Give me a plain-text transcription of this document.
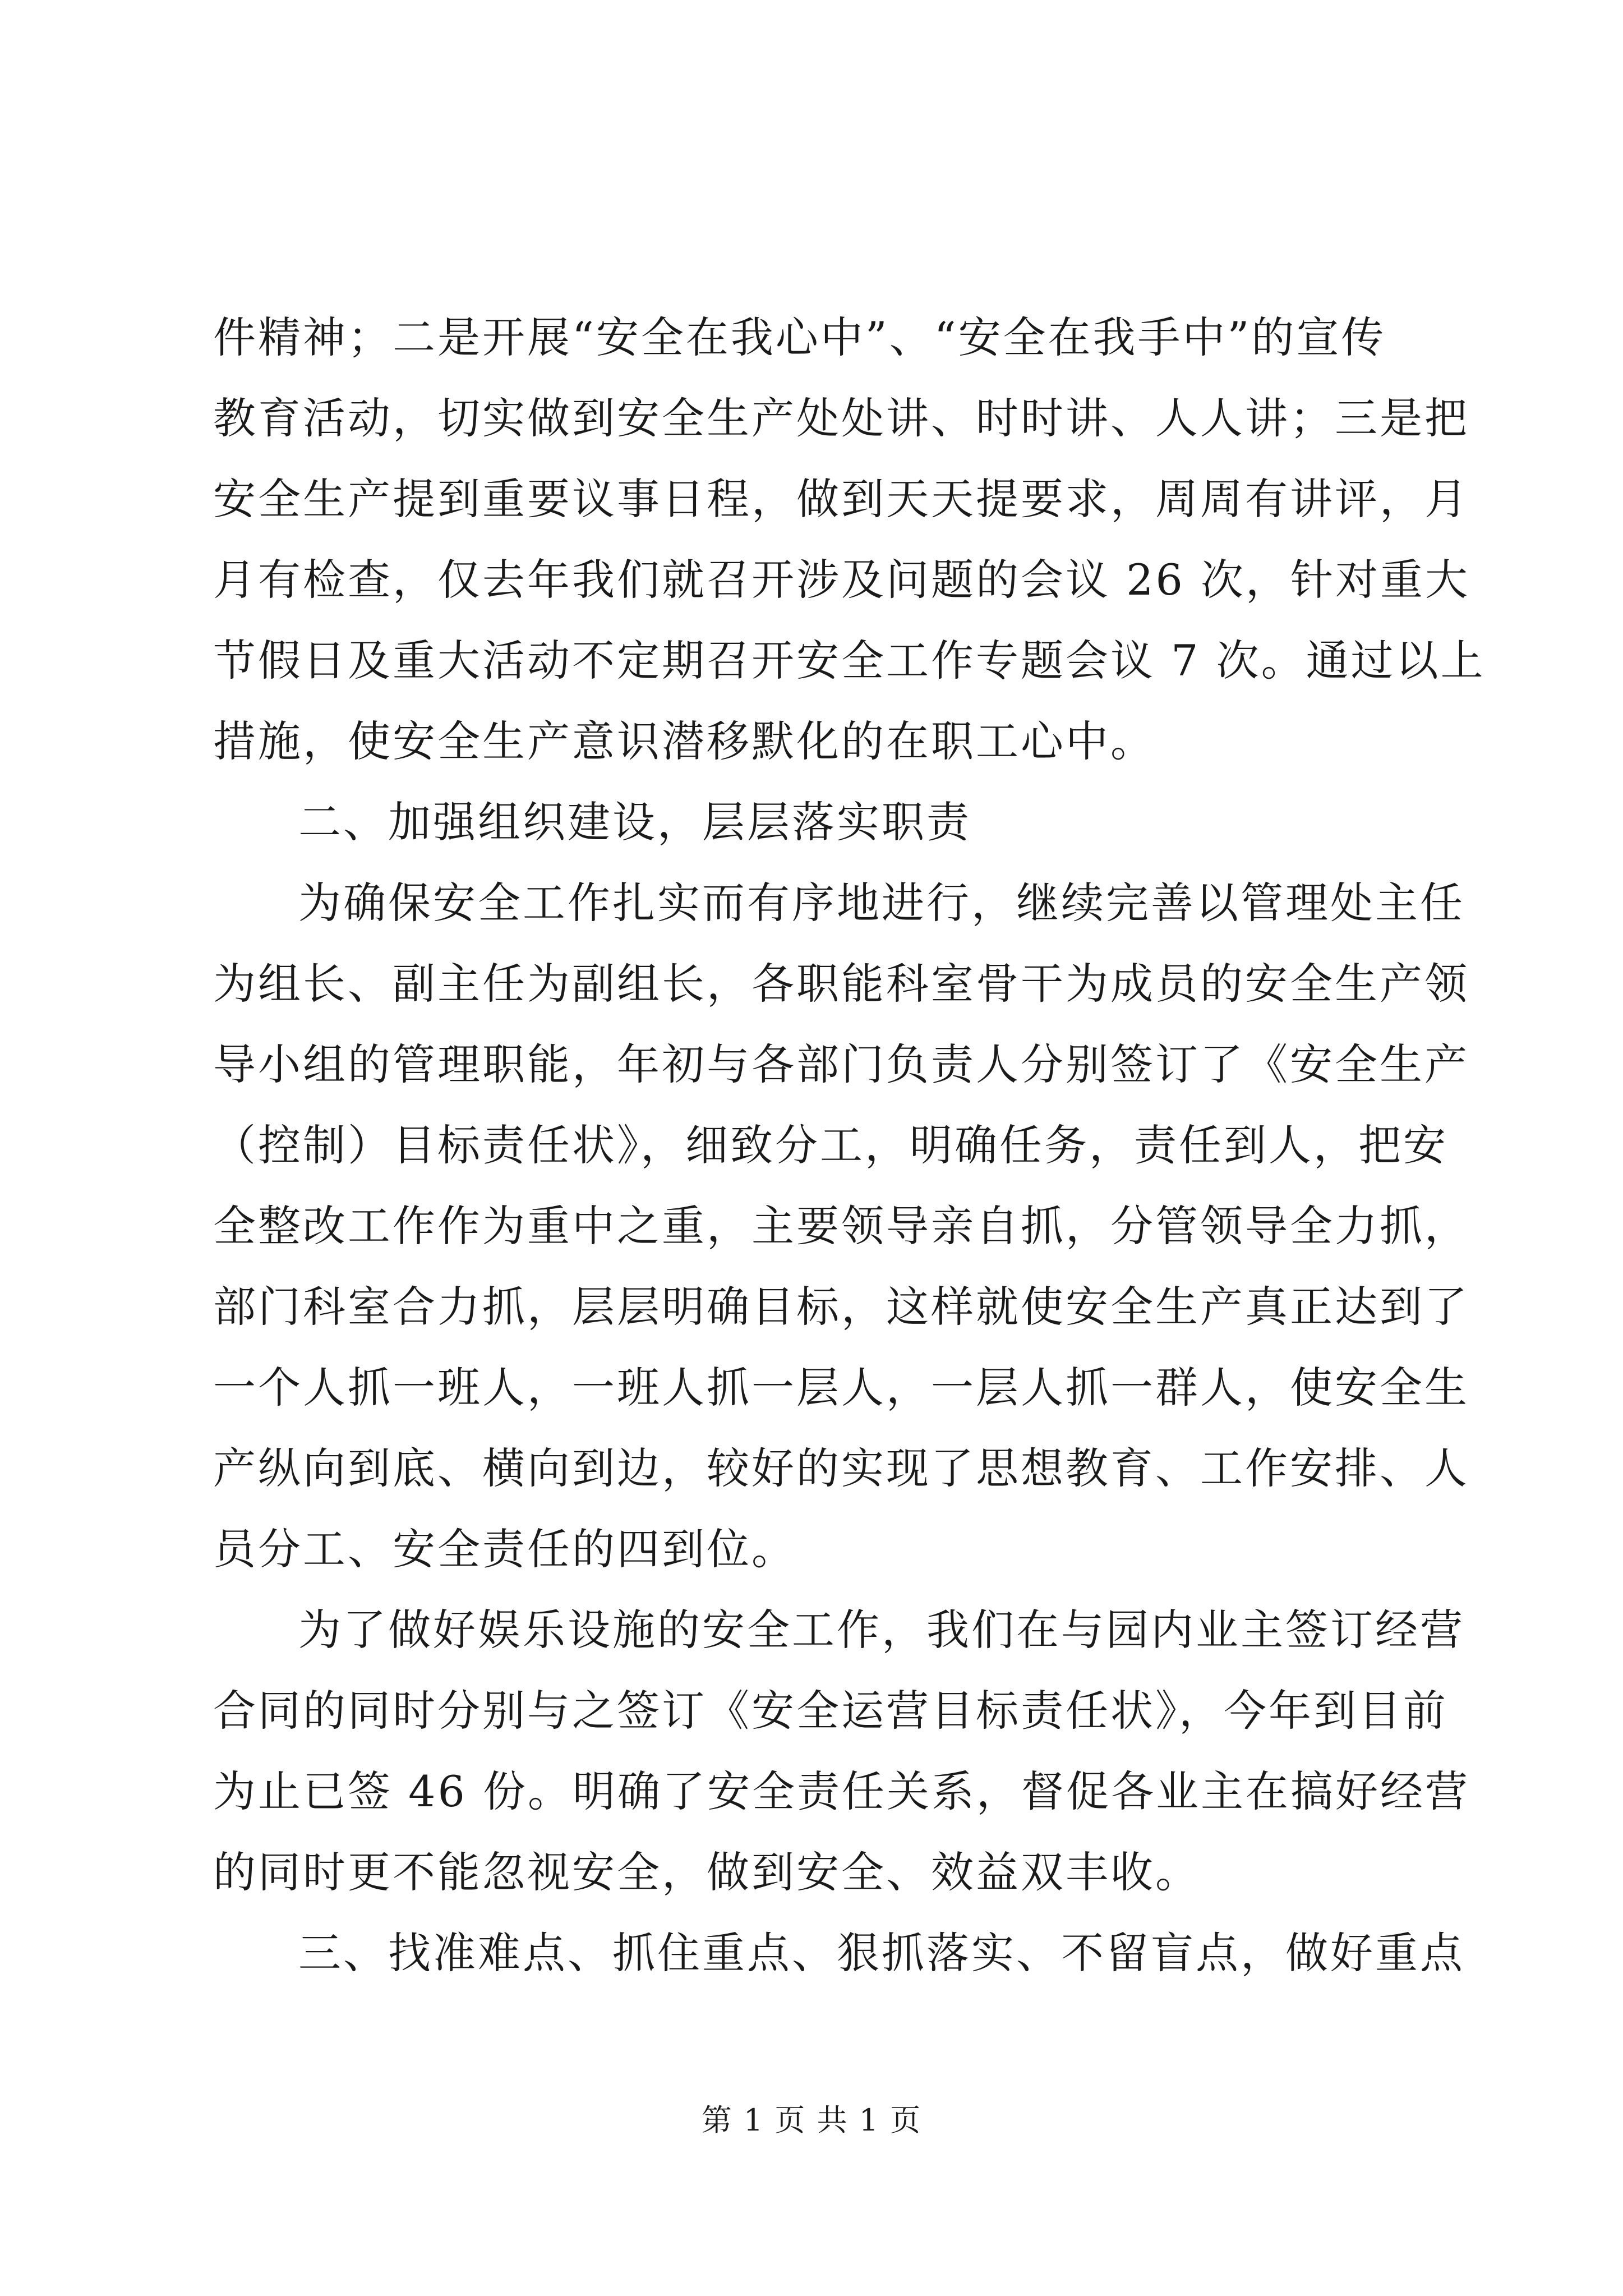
件精神；二是开展“安全在我心中”、“安全在我手中”的宣传
教育活动，切实做到安全生产处处讲、时时讲、人人讲；三是把
安全生产提到重要议事日程，做到天天提要求，周周有讲评，月
月有检查，仅去年我们就召开涉及问题的会议 26 次，针对重大
节假日及重大活动不定期召开安全工作专题会议 7 次。通过以上
措施，使安全生产意识潜移默化的在职工心中。
二、加强组织建设，层层落实职责
为确保安全工作扎实而有序地进行，继续完善以管理处主任
为组长、副主任为副组长，各职能科室骨干为成员的安全生产领
导小组的管理职能，年初与各部门负责人分别签订了《安全生产
（控制）目标责任状》，细致分工，明确任务，责任到人，把安
全整改工作作为重中之重，主要领导亲自抓，分管领导全力抓，
部门科室合力抓，层层明确目标，这样就使安全生产真正达到了
一个人抓一班人，一班人抓一层人，一层人抓一群人，使安全生
产纵向到底、横向到边，较好的实现了思想教育、工作安排、人
员分工、安全责任的四到位。
为了做好娱乐设施的安全工作，我们在与园内业主签订经营
合同的同时分别与之签订《安全运营目标责任状》，今年到目前
为止已签 46 份。明确了安全责任关系，督促各业主在搞好经营
的同时更不能忽视安全，做到安全、效益双丰收。
三、找准难点、抓住重点、狠抓落实、不留盲点，做好重点
第 1 页 共 1 页
